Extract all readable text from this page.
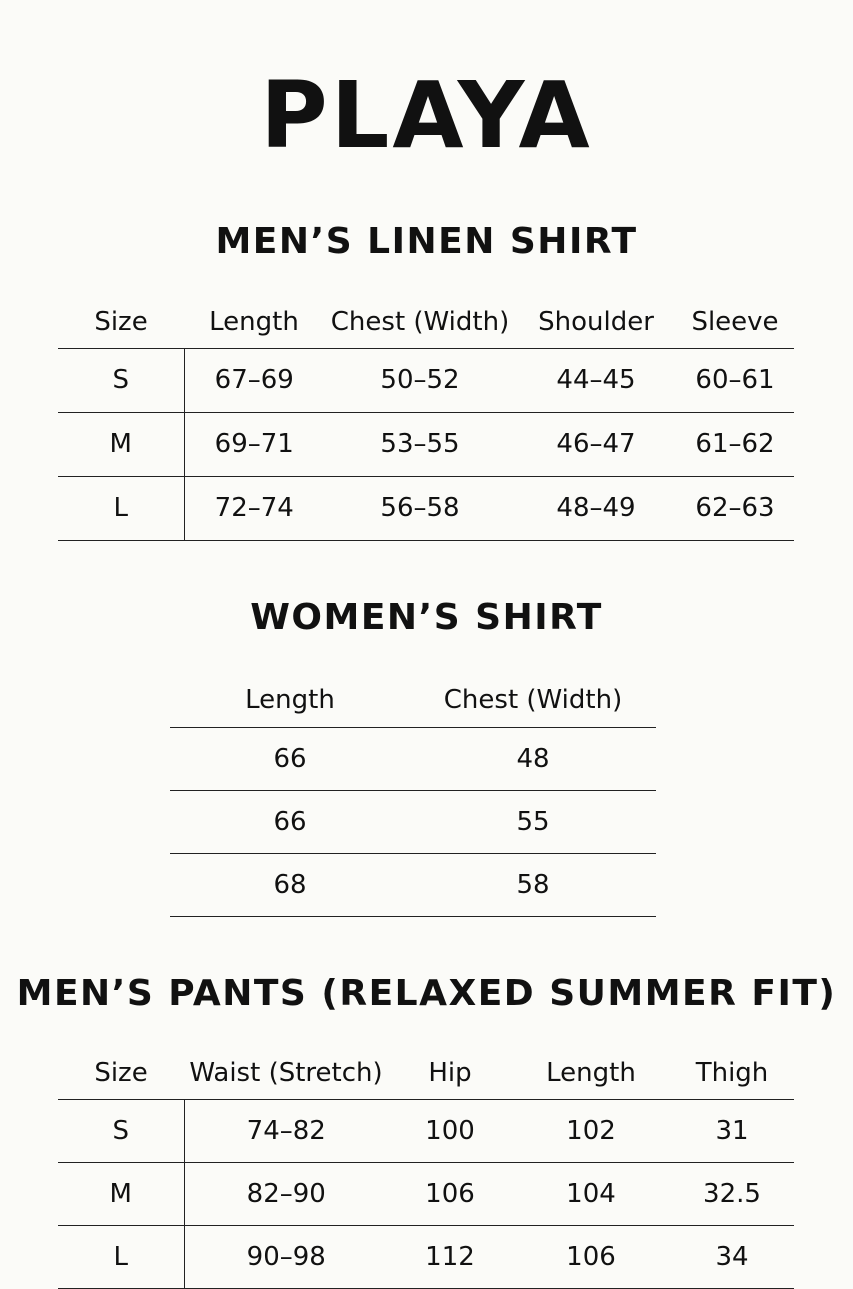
PLAYA
MEN’S LINEN SHIRT
Size	Length	Chest (Width)	Shoulder	Sleeve
S	67–69	50–52	44–45	60–61
M	69–71	53–55	46–47	61–62
L	72–74	56–58	48–49	62–63
WOMEN’S SHIRT
Length	Chest (Width)
66	48
66	55
68	58
MEN’S PANTS (RELAXED SUMMER FIT)
Size	Waist (Stretch)	Hip	Length	Thigh
S	74–82	100	102	31
M	82–90	106	104	32.5
L	90–98	112	106	34
